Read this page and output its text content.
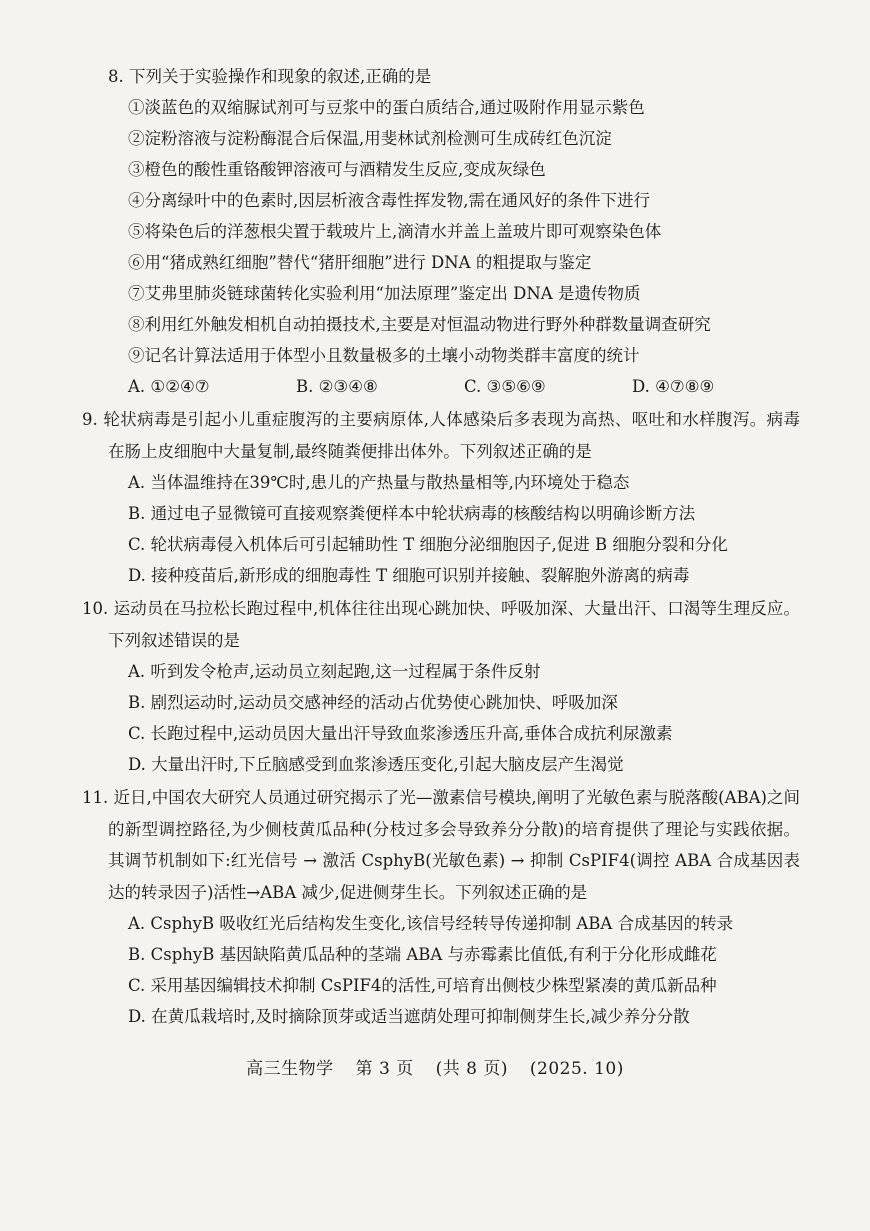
8. 下列关于实验操作和现象的叙述,正确的是

①淡蓝色的双缩脲试剂可与豆浆中的蛋白质结合,通过吸附作用显示紫色

②淀粉溶液与淀粉酶混合后保温,用斐林试剂检测可生成砖红色沉淀

③橙色的酸性重铬酸钾溶液可与酒精发生反应,变成灰绿色

④分离绿叶中的色素时,因层析液含毒性挥发物,需在通风好的条件下进行

⑤将染色后的洋葱根尖置于载玻片上,滴清水并盖上盖玻片即可观察染色体

⑥用“猪成熟红细胞”替代“猪肝细胞”进行 DNA 的粗提取与鉴定

⑦艾弗里肺炎链球菌转化实验利用“加法原理”鉴定出 DNA 是遗传物质

⑧利用红外触发相机自动拍摄技术,主要是对恒温动物进行野外种群数量调查研究

⑨记名计算法适用于体型小且数量极多的土壤小动物类群丰富度的统计

A. ①②④⑦	B. ②③④⑧	C. ③⑤⑥⑨	D. ④⑦⑧⑨

9. 轮状病毒是引起小儿重症腹泻的主要病原体,人体感染后多表现为高热、呕吐和水样腹泻。病毒在肠上皮细胞中大量复制,最终随粪便排出体外。下列叙述正确的是

A. 当体温维持在39℃时,患儿的产热量与散热量相等,内环境处于稳态

B. 通过电子显微镜可直接观察粪便样本中轮状病毒的核酸结构以明确诊断方法

C. 轮状病毒侵入机体后可引起辅助性 T 细胞分泌细胞因子,促进 B 细胞分裂和分化

D. 接种疫苗后,新形成的细胞毒性 T 细胞可识别并接触、裂解胞外游离的病毒

10. 运动员在马拉松长跑过程中,机体往往出现心跳加快、呼吸加深、大量出汗、口渴等生理反应。下列叙述错误的是

A. 听到发令枪声,运动员立刻起跑,这一过程属于条件反射

B. 剧烈运动时,运动员交感神经的活动占优势使心跳加快、呼吸加深

C. 长跑过程中,运动员因大量出汗导致血浆渗透压升高,垂体合成抗利尿激素

D. 大量出汗时,下丘脑感受到血浆渗透压变化,引起大脑皮层产生渴觉

11. 近日,中国农大研究人员通过研究揭示了光—激素信号模块,阐明了光敏色素与脱落酸(ABA)之间的新型调控路径,为少侧枝黄瓜品种(分枝过多会导致养分分散)的培育提供了理论与实践依据。其调节机制如下:红光信号 → 激活 CsphyB(光敏色素) → 抑制 CsPIF4(调控 ABA 合成基因表达的转录因子)活性→ABA 减少,促进侧芽生长。下列叙述正确的是

A. CsphyB 吸收红光后结构发生变化,该信号经转导传递抑制 ABA 合成基因的转录

B. CsphyB 基因缺陷黄瓜品种的茎端 ABA 与赤霉素比值低,有利于分化形成雌花

C. 采用基因编辑技术抑制 CsPIF4的活性,可培育出侧枝少株型紧凑的黄瓜新品种

D. 在黄瓜栽培时,及时摘除顶芽或适当遮荫处理可抑制侧芽生长,减少养分分散

高三生物学 第 3 页 (共 8 页) (2025. 10)
